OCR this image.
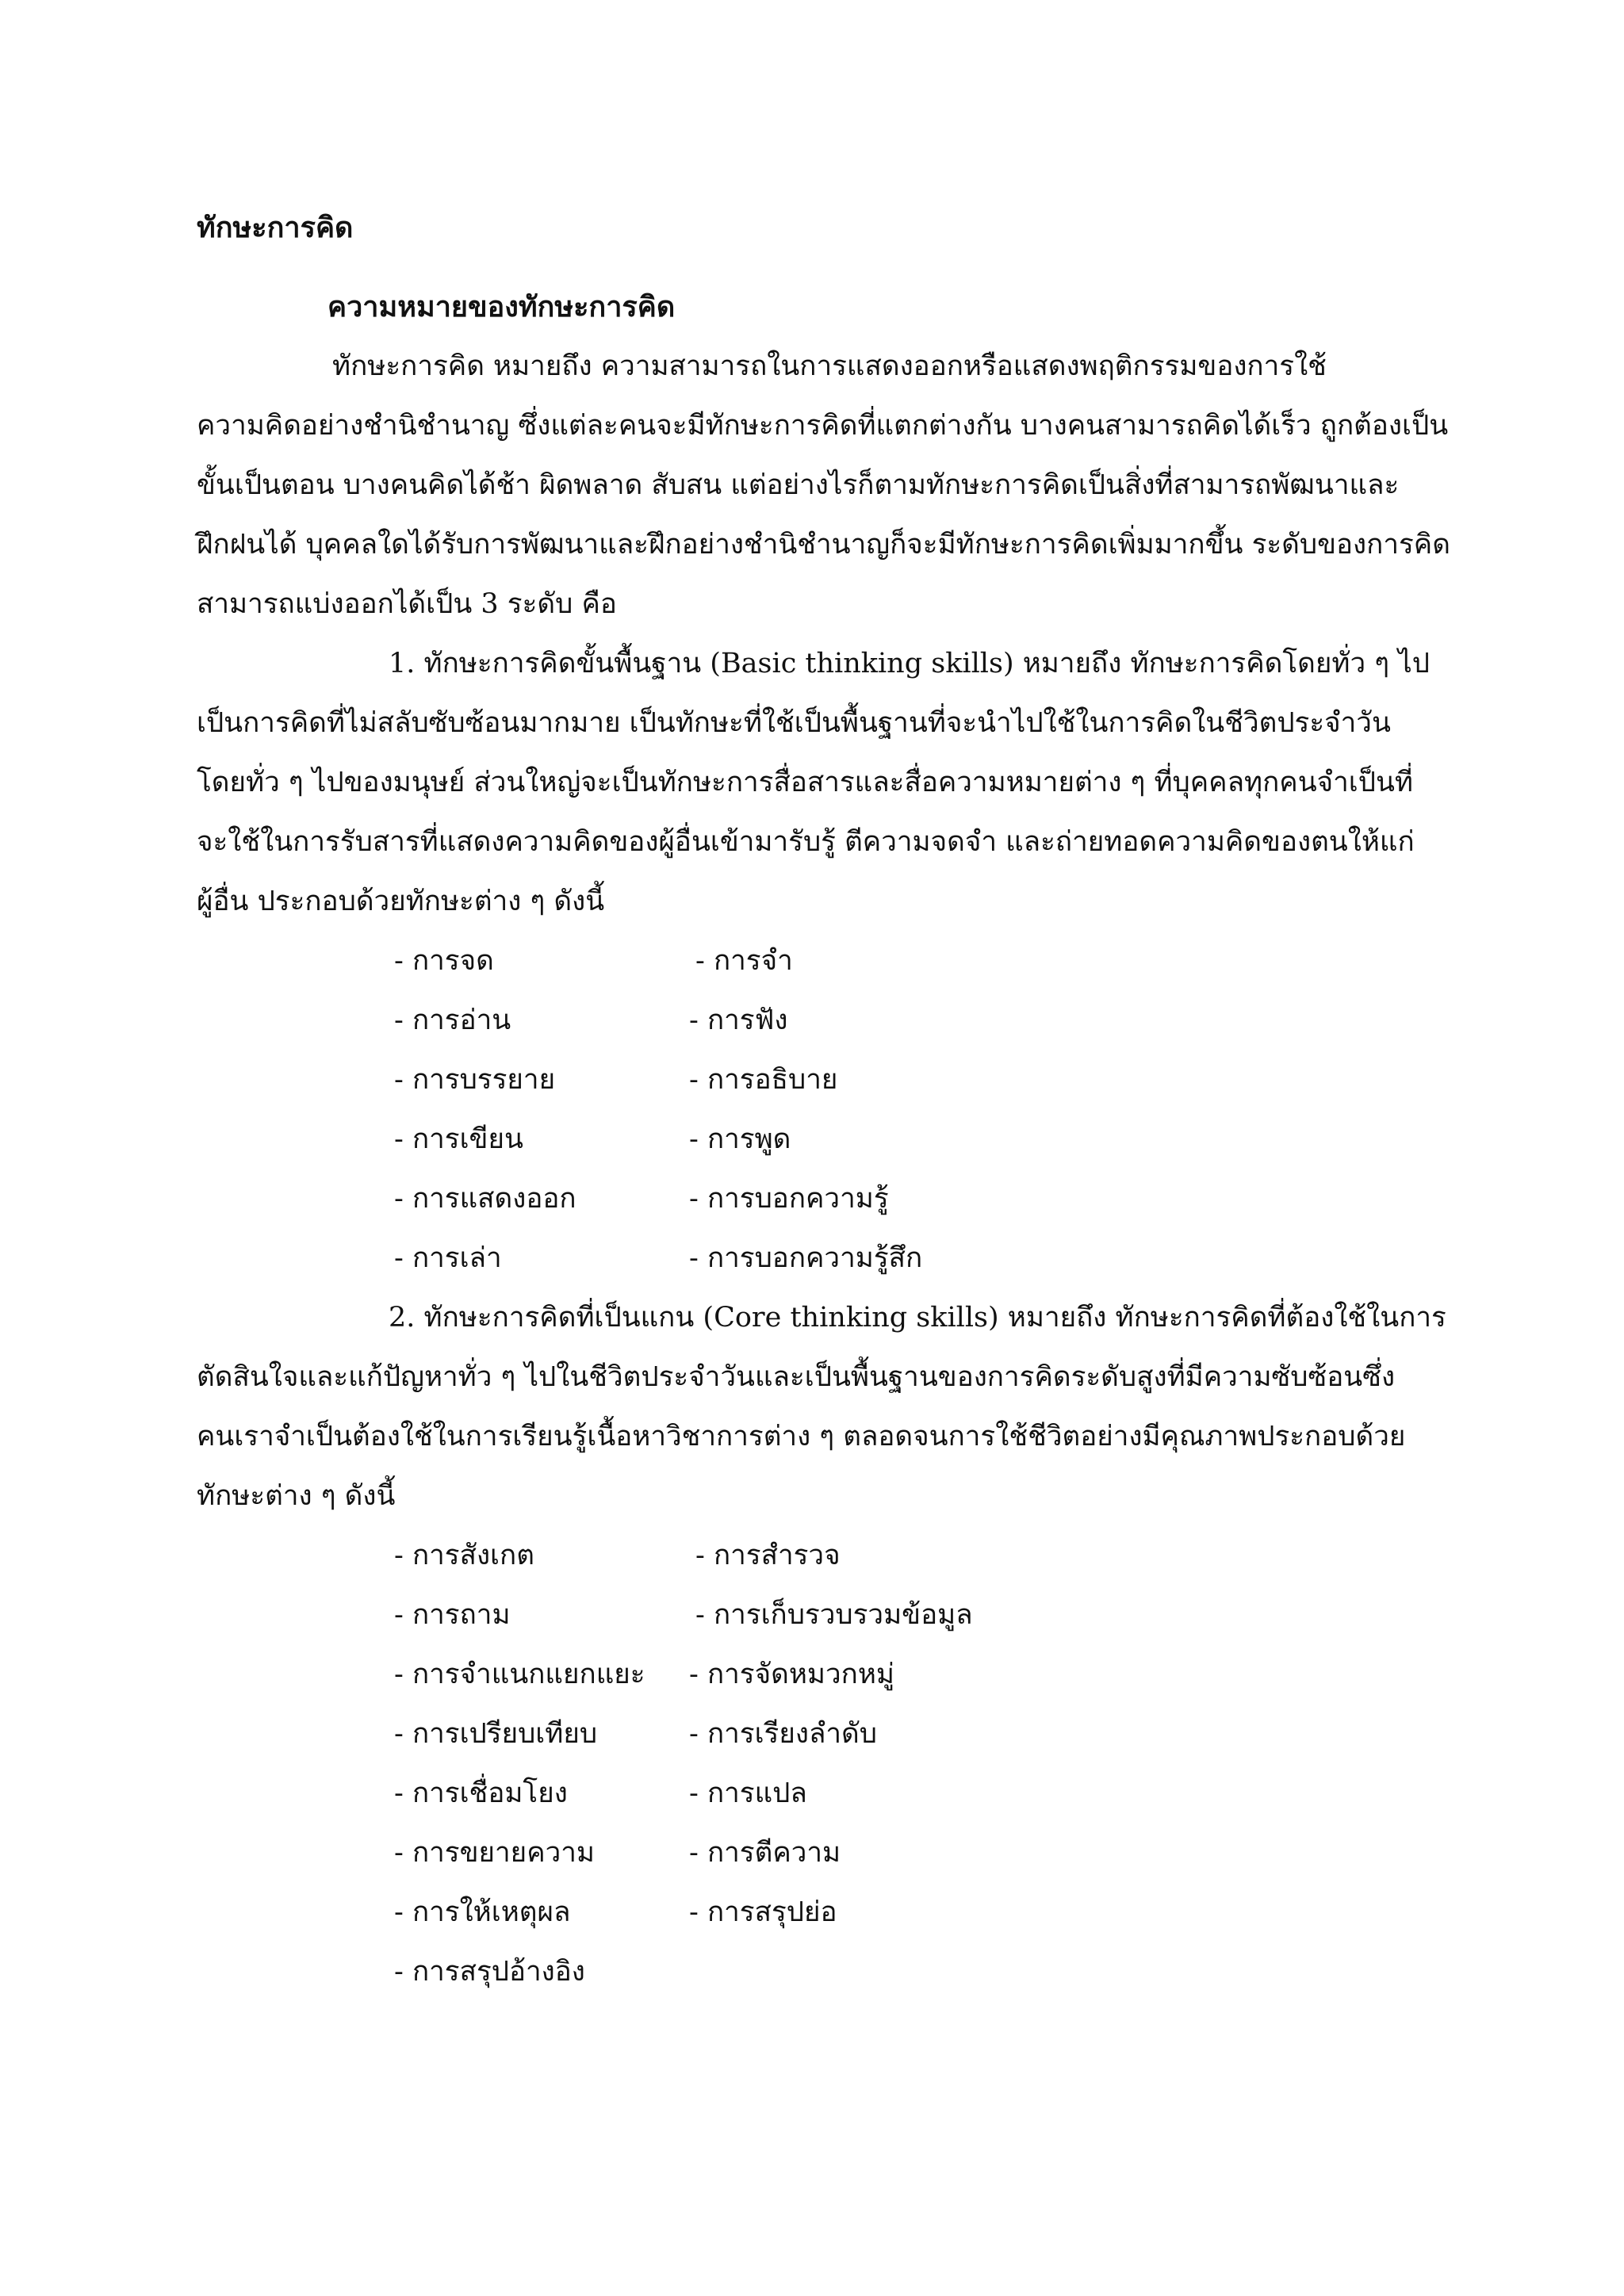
ทักษะการคิด
ความหมายของทักษะการคิด
ทักษะการคิด หมายถึง ความสามารถในการแสดงออกหรือแสดงพฤติกรรมของการใช้
ความคิดอย่างชำนิชำนาญ ซึ่งแต่ละคนจะมีทักษะการคิดที่แตกต่างกัน บางคนสามารถคิดได้เร็ว ถูกต้องเป็น
ขั้นเป็นตอน บางคนคิดได้ช้า ผิดพลาด สับสน แต่อย่างไรก็ตามทักษะการคิดเป็นสิ่งที่สามารถพัฒนาและ
ฝึกฝนได้ บุคคลใดได้รับการพัฒนาและฝึกอย่างชำนิชำนาญก็จะมีทักษะการคิดเพิ่มมากขึ้น ระดับของการคิด
สามารถแบ่งออกได้เป็น 3 ระดับ คือ
1. ทักษะการคิดขั้นพื้นฐาน (Basic thinking skills) หมายถึง ทักษะการคิดโดยทั่ว ๆ ไป
เป็นการคิดที่ไม่สลับซับซ้อนมากมาย เป็นทักษะที่ใช้เป็นพื้นฐานที่จะนำไปใช้ในการคิดในชีวิตประจำวัน
โดยทั่ว ๆ ไปของมนุษย์ ส่วนใหญ่จะเป็นทักษะการสื่อสารและสื่อความหมายต่าง ๆ ที่บุคคลทุกคนจำเป็นที่
จะใช้ในการรับสารที่แสดงความคิดของผู้อื่นเข้ามารับรู้ ตีความจดจำ และถ่ายทอดความคิดของตนให้แก่
ผู้อื่น ประกอบด้วยทักษะต่าง ๆ ดังนี้
- การจด	- การจำ
- การอ่าน	- การฟัง
- การบรรยาย	- การอธิบาย
- การเขียน	- การพูด
- การแสดงออก	- การบอกความรู้
- การเล่า	- การบอกความรู้สึก
2. ทักษะการคิดที่เป็นแกน (Core thinking skills) หมายถึง ทักษะการคิดที่ต้องใช้ในการ
ตัดสินใจและแก้ปัญหาทั่ว ๆ ไปในชีวิตประจำวันและเป็นพื้นฐานของการคิดระดับสูงที่มีความซับซ้อนซึ่ง
คนเราจำเป็นต้องใช้ในการเรียนรู้เนื้อหาวิชาการต่าง ๆ ตลอดจนการใช้ชีวิตอย่างมีคุณภาพประกอบด้วย
ทักษะต่าง ๆ ดังนี้
- การสังเกต	- การสำรวจ
- การถาม	- การเก็บรวบรวมข้อมูล
- การจำแนกแยกแยะ - การจัดหมวกหมู่
- การเปรียบเทียบ	- การเรียงลำดับ
- การเชื่อมโยง	- การแปล
- การขยายความ	- การตีความ
- การให้เหตุผล	- การสรุปย่อ
- การสรุปอ้างอิง
